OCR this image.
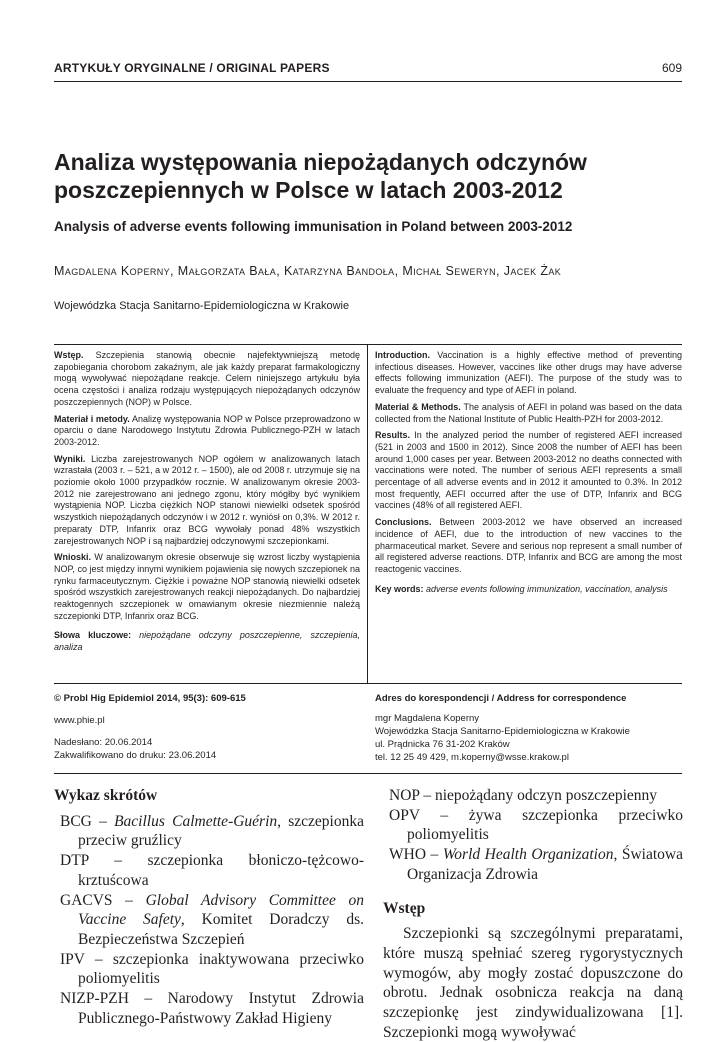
ARTYKUŁY ORYGINALNE / ORIGINAL PAPERS	609
Analiza występowania niepożądanych odczynów poszczepiennych w Polsce w latach 2003-2012
Analysis of adverse events following immunisation in Poland between 2003-2012
Magdalena Koperny, Małgorzata Bała, Katarzyna Bandoła, Michał Seweryn, Jacek Żak
Wojewódzka Stacja Sanitarno-Epidemiologiczna w Krakowie

Wstęp. Szczepienia stanowią obecnie najefektywniejszą metodę zapobiegania chorobom zakaźnym, ale jak każdy preparat farmakologiczny mogą wywoływać niepożądane reakcje. Celem niniejszego artykułu była ocena częstości i analiza rodzaju występujących niepożądanych odczynów poszczepiennych (NOP) w Polsce.

Materiał i metody. Analizę występowania NOP w Polsce przeprowadzono w oparciu o dane Narodowego Instytutu Zdrowia Publicznego-PZH w latach 2003-2012.

Wyniki. Liczba zarejestrowanych NOP ogółem w analizowanych latach wzrastała (2003 r. – 521, a w 2012 r. – 1500), ale od 2008 r. utrzymuje się na poziomie około 1000 przypadków rocznie. W analizowanym okresie 2003-2012 nie zarejestrowano ani jednego zgonu, który mógłby być wynikiem wystąpienia NOP. Liczba ciężkich NOP stanowi niewielki odsetek spośród wszystkich niepożądanych odczynów i w 2012 r. wyniósł on 0,3%. W 2012 r. preparaty DTP, Infanrix oraz BCG wywołały ponad 48% wszystkich zarejestrowanych NOP i są najbardziej odczynowymi szczepionkami.

Wnioski. W analizowanym okresie obserwuje się wzrost liczby wystąpienia NOP, co jest między innymi wynikiem pojawienia się nowych szczepionek na rynku farmaceutycznym. Ciężkie i poważne NOP stanowią niewielki odsetek spośród wszystkich zarejestrowanych reakcji niepożądanych. Do najbardziej reaktogennych szczepionek w omawianym okresie niezmiennie należą szczepionki DTP, Infanrix oraz BCG.

Słowa kluczowe: niepożądane odczyny poszczepienne, szczepienia, analiza

Introduction. Vaccination is a highly effective method of preventing infectious diseases. However, vaccines like other drugs may have adverse effects following immunization (AEFI). The purpose of the study was to evaluate the frequency and type of AEFI in poland.

Material & Methods. The analysis of AEFI in poland was based on the data collected from the National Institute of Public Health-PZH for 2003-2012.

Results. In the analyzed period the number of registered AEFI increased (521 in 2003 and 1500 in 2012). Since 2008 the number of AEFI has been around 1,000 cases per year. Between 2003-2012 no deaths connected with vaccinations were noted. The number of serious AEFI represents a small percentage of all adverse events and in 2012 it amounted to 0.3%. In 2012 most frequently, AEFI occurred after the use of DTP, Infanrix and BCG vaccines (48% of all registered AEFI.

Conclusions. Between 2003-2012 we have observed an increased incidence of AEFI, due to the introduction of new vaccines to the pharmaceutical market. Severe and serious nop represent a small number of all registered adverse reactions. DTP, Infanrix and BCG are among the most reactogenic vaccines.

Key words: adverse events following immunization, vaccination, analysis

© Probl Hig Epidemiol 2014, 95(3): 609-615
www.phie.pl
Nadesłano: 20.06.2014
Zakwalifikowano do druku: 23.06.2014
Adres do korespondencji / Address for correspondence
mgr Magdalena Koperny
Wojewódzka Stacja Sanitarno-Epidemiologiczna w Krakowie
ul. Prądnicka 76 31-202 Kraków
tel. 12 25 49 429, m.koperny@wsse.krakow.pl
Wykaz skrótów
BCG – Bacillus Calmette-Guérin, szczepionka przeciw gruźlicy
DTP – szczepionka błoniczo-tężcowo-krztuścowa
GACVS – Global Advisory Committee on Vaccine Safety, Komitet Doradczy ds. Bezpieczeństwa Szczepień
IPV – szczepionka inaktywowana przeciwko poliomyelitis
NIZP-PZH – Narodowy Instytut Zdrowia Publicznego-Państwowy Zakład Higieny
NOP – niepożądany odczyn poszczepienny
OPV – żywa szczepionka przeciwko poliomyelitis
WHO – World Health Organization, Światowa Organizacja Zdrowia
Wstęp

Szczepionki są szczególnymi preparatami, które muszą spełniać szereg rygorystycznych wymogów, aby mogły zostać dopuszczone do obrotu. Jednak osobnicza reakcja na daną szczepionkę jest zindywidualizowana [1]. Szczepionki mogą wywoływać
